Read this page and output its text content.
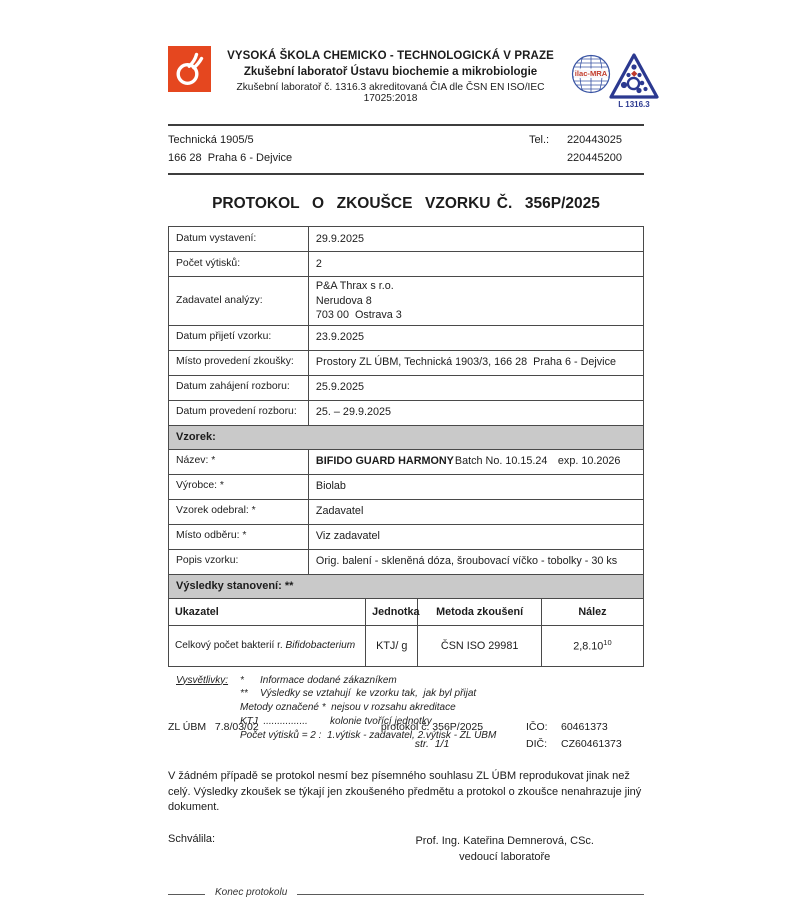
VYSOKÁ ŠKOLA CHEMICKO - TECHNOLOGICKÁ V PRAZE
Zkušební laboratoř Ústavu biochemie a mikrobiologie
Zkušební laboratoř č. 1316.3 akreditovaná ČIA dle ČSN EN ISO/IEC 17025:2018
ilac-MRA
L 1316.3
Technická 1905/5
166 28  Praha 6 - Dejvice
Tel.:	220443025
220445200
PROTOKOL  O  ZKOUŠCE  VZORKU Č.  356P/2025
Datum vystavení:	29.9.2025
Počet výtisků:	2
Zadavatel analýzy:	P&A Thrax s r.o.
Nerudova 8
703 00  Ostrava 3

Datum přijetí vzorku:	23.9.2025
Místo provedení zkoušky:	Prostory ZL ÚBM, Technická 1903/3, 166 28  Praha 6 - Dejvice
Datum zahájení rozboru:	25.9.2025
Datum provedení rozboru:	25. – 29.9.2025
Vzorek:	
Název: *	BIFIDO GUARD HARMONY Batch No. 10.15.24 exp. 10.2026

Výrobce: *	Biolab
Vzorek odebral: *	Zadavatel
Místo odběru: *	Viz zadavatel
Popis vzorku:	Orig. balení - skleněná dóza, šroubovací víčko - tobolky - 30 ks
Výsledky stanovení: **	
Ukazatel	Jednotka	Metoda zkoušení	Nález
Celkový počet bakterií r. Bifidobacterium	KTJ/ g	ČSN ISO 29981	2,8.10$^{10}$
Vysvětlivky:	*	Informace dodané zákazníkem
**	Výsledky se vztahují  ke vzorku tak,  jak byl přijat
Metody označené *  nejsou v rozsahu akreditace
KTJ  ................        kolonie tvořící jednotky
Počet výtisků = 2 :  1.výtisk - zadavatel, 2.výtisk - ZL ÚBM
V žádném případě se protokol nesmí bez písemného souhlasu ZL ÚBM reprodukovat jinak než celý. Výsledky zkoušek se týkají jen zkoušeného předmětu a protokol o zkoušce nenahrazuje jiný dokument.
Schválila:	Prof. Ing. Kateřina Demnerová, CSc.
vedoucí laboratoře
Konec protokolu
ZL ÚBM   7.8/03/02	protokol č. 356P/2025
str.  1/1
IČO:	60461373
DIČ:	CZ60461373
